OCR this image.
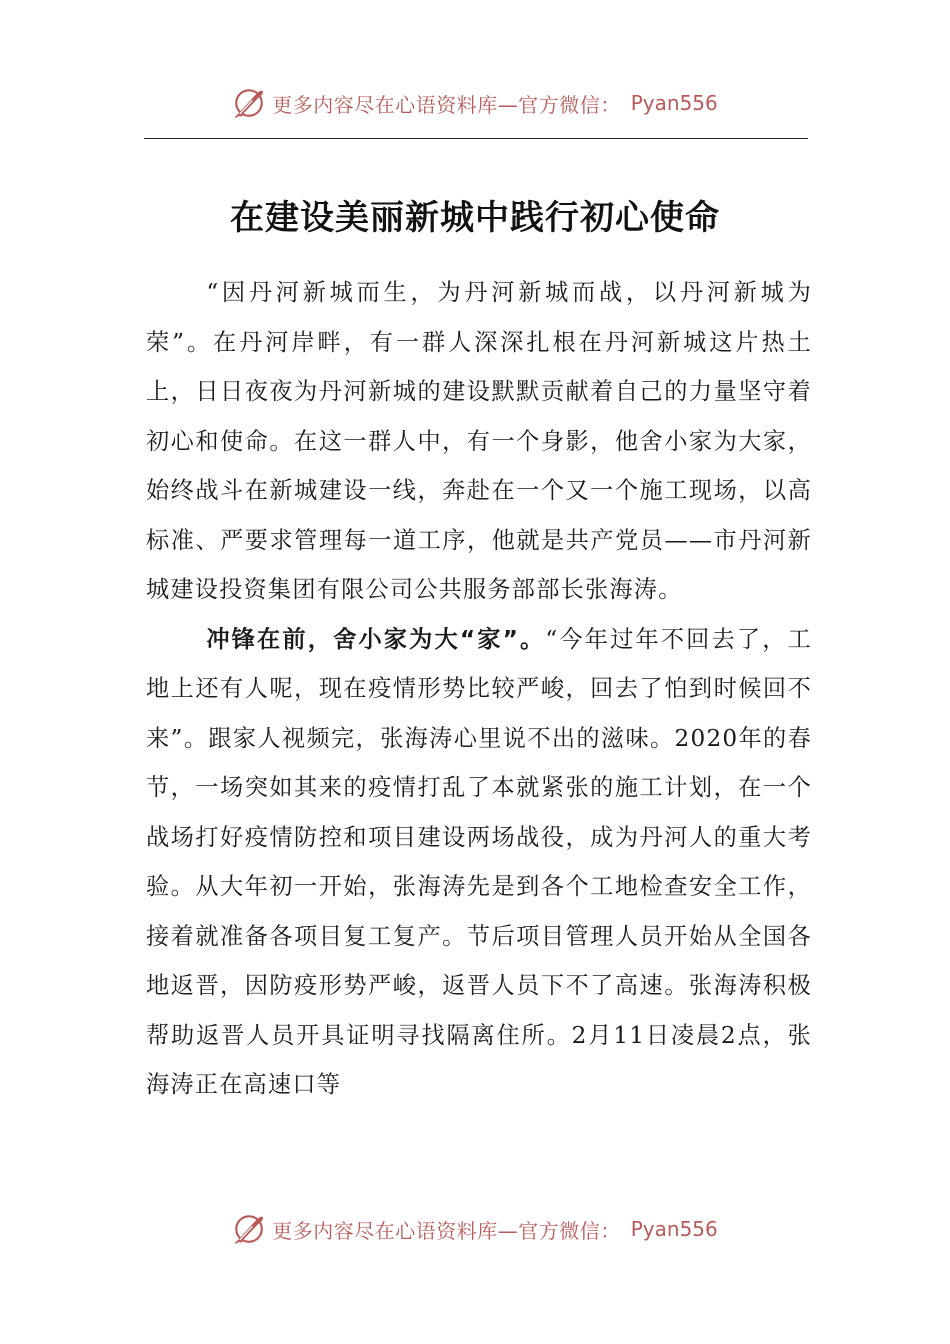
更多内容尽在心语资料库—官方微信： Pyan556
在建设美丽新城中践行初心使命

“因丹河新城而生，为丹河新城而战，以丹河新城为荣”。在丹河岸畔，有一群人深深扎根在丹河新城这片热土上，日日夜夜为丹河新城的建设默默贡献着自己的力量坚守着初心和使命。在这一群人中，有一个身影，他舍小家为大家，始终战斗在新城建设一线，奔赴在一个又一个施工现场，以高标准、严要求管理每一道工序，他就是共产党员——市丹河新城建设投资集团有限公司公共服务部部长张海涛。

冲锋在前，舍小家为大“家”。“今年过年不回去了，工地上还有人呢，现在疫情形势比较严峻，回去了怕到时候回不来”。跟家人视频完，张海涛心里说不出的滋味。2020年的春节，一场突如其来的疫情打乱了本就紧张的施工计划，在一个战场打好疫情防控和项目建设两场战役，成为丹河人的重大考验。从大年初一开始，张海涛先是到各个工地检查安全工作，接着就准备各项目复工复产。节后项目管理人员开始从全国各地返晋，因防疫形势严峻，返晋人员下不了高速。张海涛积极帮助返晋人员开具证明寻找隔离住所。2月11日凌晨2点，张海涛正在高速口等

更多内容尽在心语资料库—官方微信： Pyan556
